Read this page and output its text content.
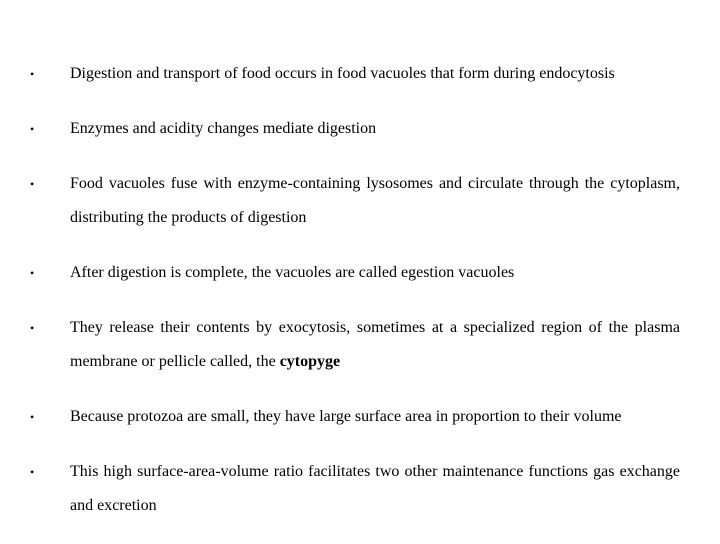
•	Digestion and transport of food occurs in food vacuoles that form during endocytosis
•	Enzymes and acidity changes mediate digestion
•	Food vacuoles fuse with enzyme-containing lysosomes and circulate through the cytoplasm, distributing the products of digestion
•	After digestion is complete, the vacuoles are called egestion vacuoles
•	They release their contents by exocytosis, sometimes at a specialized region of the plasma membrane or pellicle called, the cytopyge
•	Because protozoa are small, they have large surface area in proportion to their volume
•	This high surface-area-volume ratio facilitates two other maintenance functions gas exchange and excretion
